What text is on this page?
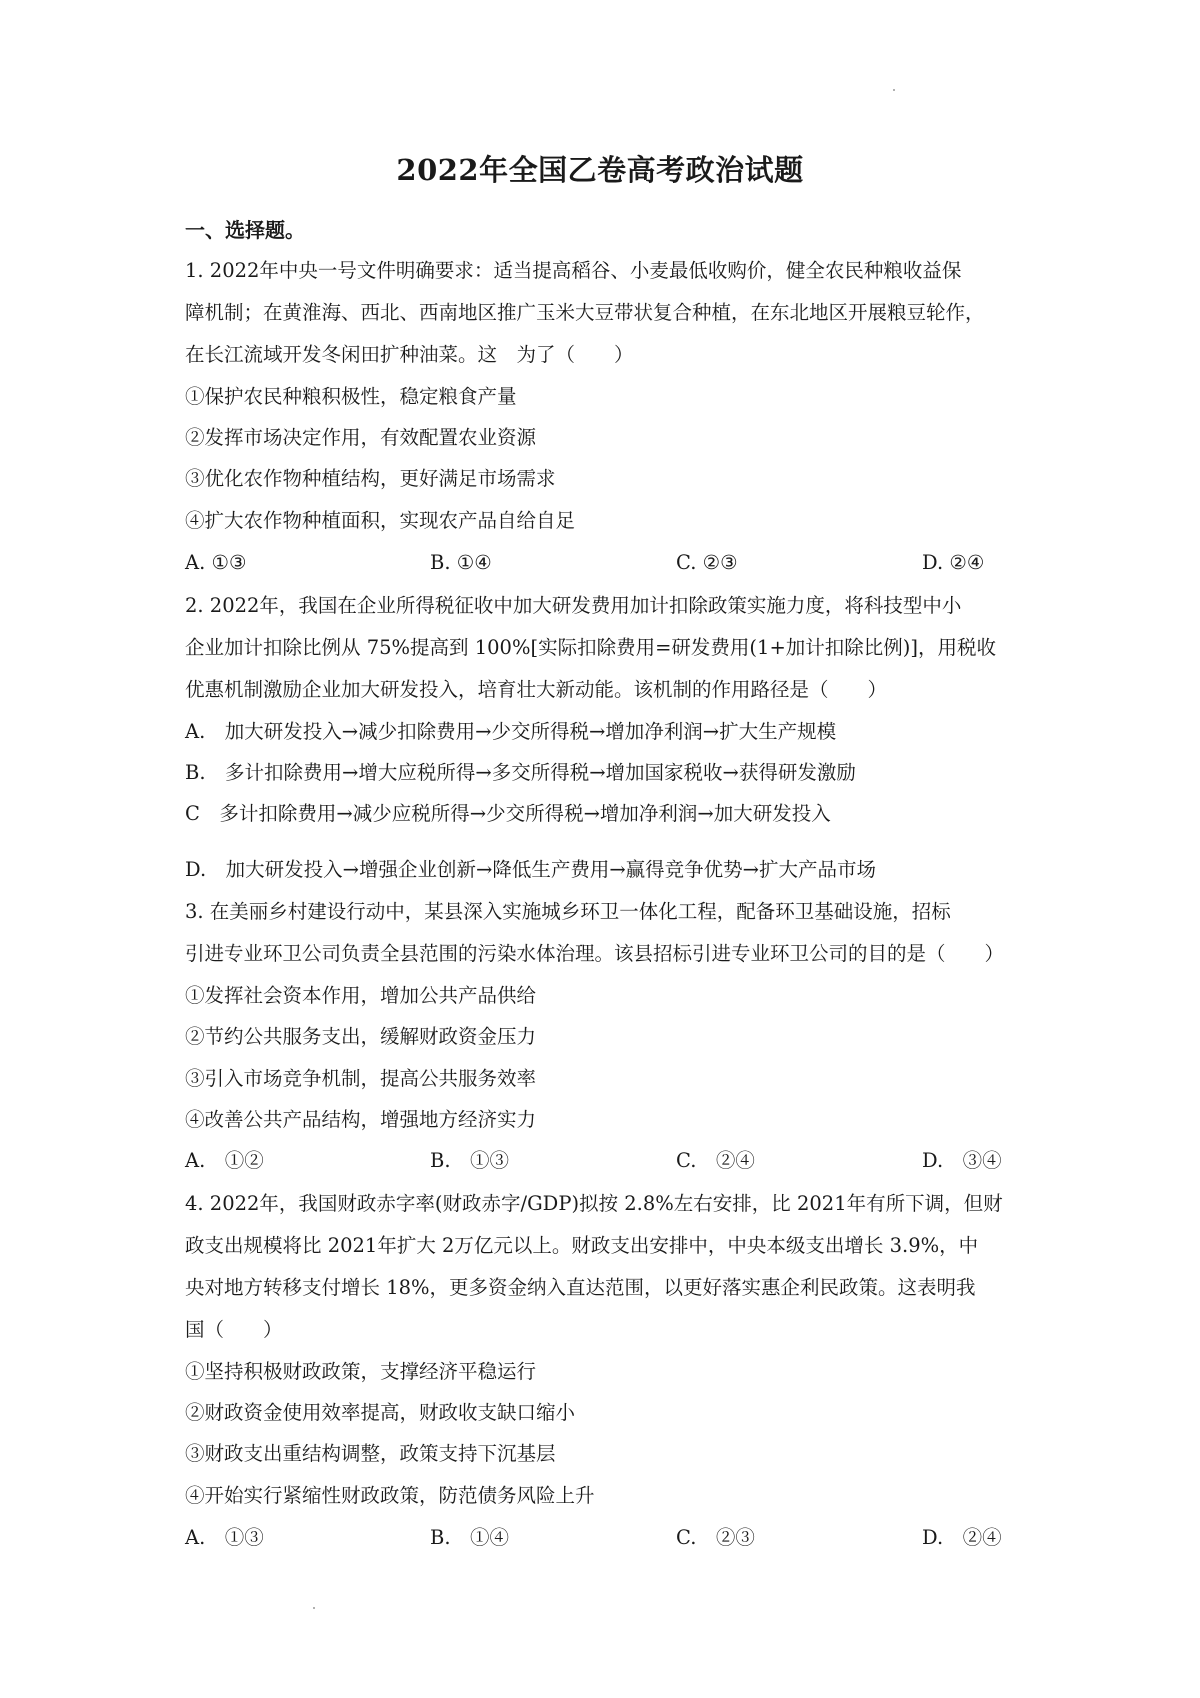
2022年全国乙卷高考政治试题
一、选择题。
1. 2022年中央一号文件明确要求：适当提高稻谷、小麦最低收购价，健全农民种粮收益保
障机制；在黄淮海、西北、西南地区推广玉米大豆带状复合种植，在东北地区开展粮豆轮作，
在长江流域开发冬闲田扩种油菜。这　为了（　　）
①保护农民种粮积极性，稳定粮食产量
②发挥市场决定作用，有效配置农业资源
③优化农作物种植结构，更好满足市场需求
④扩大农作物种植面积，实现农产品自给自足
A. ①③	B. ①④	C. ②③	D. ②④
2. 2022年，我国在企业所得税征收中加大研发费用加计扣除政策实施力度，将科技型中小
企业加计扣除比例从 75%提高到 100%[实际扣除费用=研发费用(1+加计扣除比例)]，用税收
优惠机制激励企业加大研发投入，培育壮大新动能。该机制的作用路径是（　　）
A.　加大研发投入→减少扣除费用→少交所得税→增加净利润→扩大生产规模
B.　多计扣除费用→增大应税所得→多交所得税→增加国家税收→获得研发激励
C　多计扣除费用→减少应税所得→少交所得税→增加净利润→加大研发投入
D.　加大研发投入→增强企业创新→降低生产费用→赢得竞争优势→扩大产品市场
3. 在美丽乡村建设行动中，某县深入实施城乡环卫一体化工程，配备环卫基础设施，招标
引进专业环卫公司负责全县范围的污染水体治理。该县招标引进专业环卫公司的目的是（　　）
①发挥社会资本作用，增加公共产品供给
②节约公共服务支出，缓解财政资金压力
③引入市场竞争机制，提高公共服务效率
④改善公共产品结构，增强地方经济实力
A.　①②	B.　①③	C.　②④	D.　③④
4. 2022年，我国财政赤字率(财政赤字/GDP)拟按 2.8%左右安排，比 2021年有所下调，但财
政支出规模将比 2021年扩大 2万亿元以上。财政支出安排中，中央本级支出增长 3.9%，中
央对地方转移支付增长 18%，更多资金纳入直达范围，以更好落实惠企利民政策。这表明我
国（　　）
①坚持积极财政政策，支撑经济平稳运行
②财政资金使用效率提高，财政收支缺口缩小
③财政支出重结构调整，政策支持下沉基层
④开始实行紧缩性财政政策，防范债务风险上升
A.　①③	B.　①④	C.　②③	D.　②④
